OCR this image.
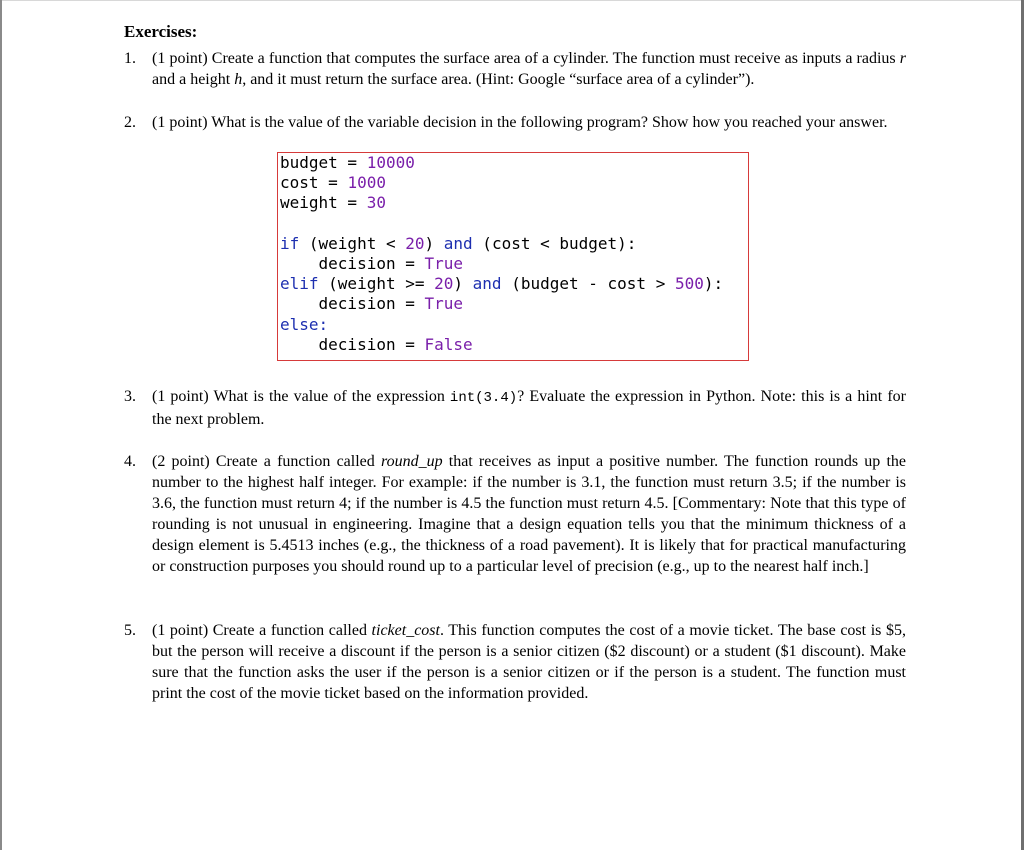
Exercises:
1. (1 point) Create a function that computes the surface area of a cylinder. The function must receive as inputs a radius r and a height h, and it must return the surface area. (Hint: Google “surface area of a cylinder”).
2. (1 point) What is the value of the variable decision in the following program? Show how you reached your answer.
budget = 10000
cost = 1000
weight = 30

if (weight < 20) and (cost < budget):
decision = True
elif (weight >= 20) and (budget - cost > 500):
decision = True
else:
decision = False
3. (1 point) What is the value of the expression int(3.4)? Evaluate the expression in Python. Note: this is a hint for the next problem.
4. (2 point) Create a function called round_up that receives as input a positive number. The function rounds up the number to the highest half integer. For example: if the number is 3.1, the function must return 3.5; if the number is 3.6, the function must return 4; if the number is 4.5 the function must return 4.5. [Commentary: Note that this type of rounding is not unusual in engineering. Imagine that a design equation tells you that the minimum thickness of a design element is 5.4513 inches (e.g., the thickness of a road pavement). It is likely that for practical manufacturing or construction purposes you should round up to a particular level of precision (e.g., up to the nearest half inch.]
5. (1 point) Create a function called ticket_cost. This function computes the cost of a movie ticket. The base cost is $5, but the person will receive a discount if the person is a senior citizen ($2 discount) or a student ($1 discount). Make sure that the function asks the user if the person is a senior citizen or if the person is a student. The function must print the cost of the movie ticket based on the information provided.
